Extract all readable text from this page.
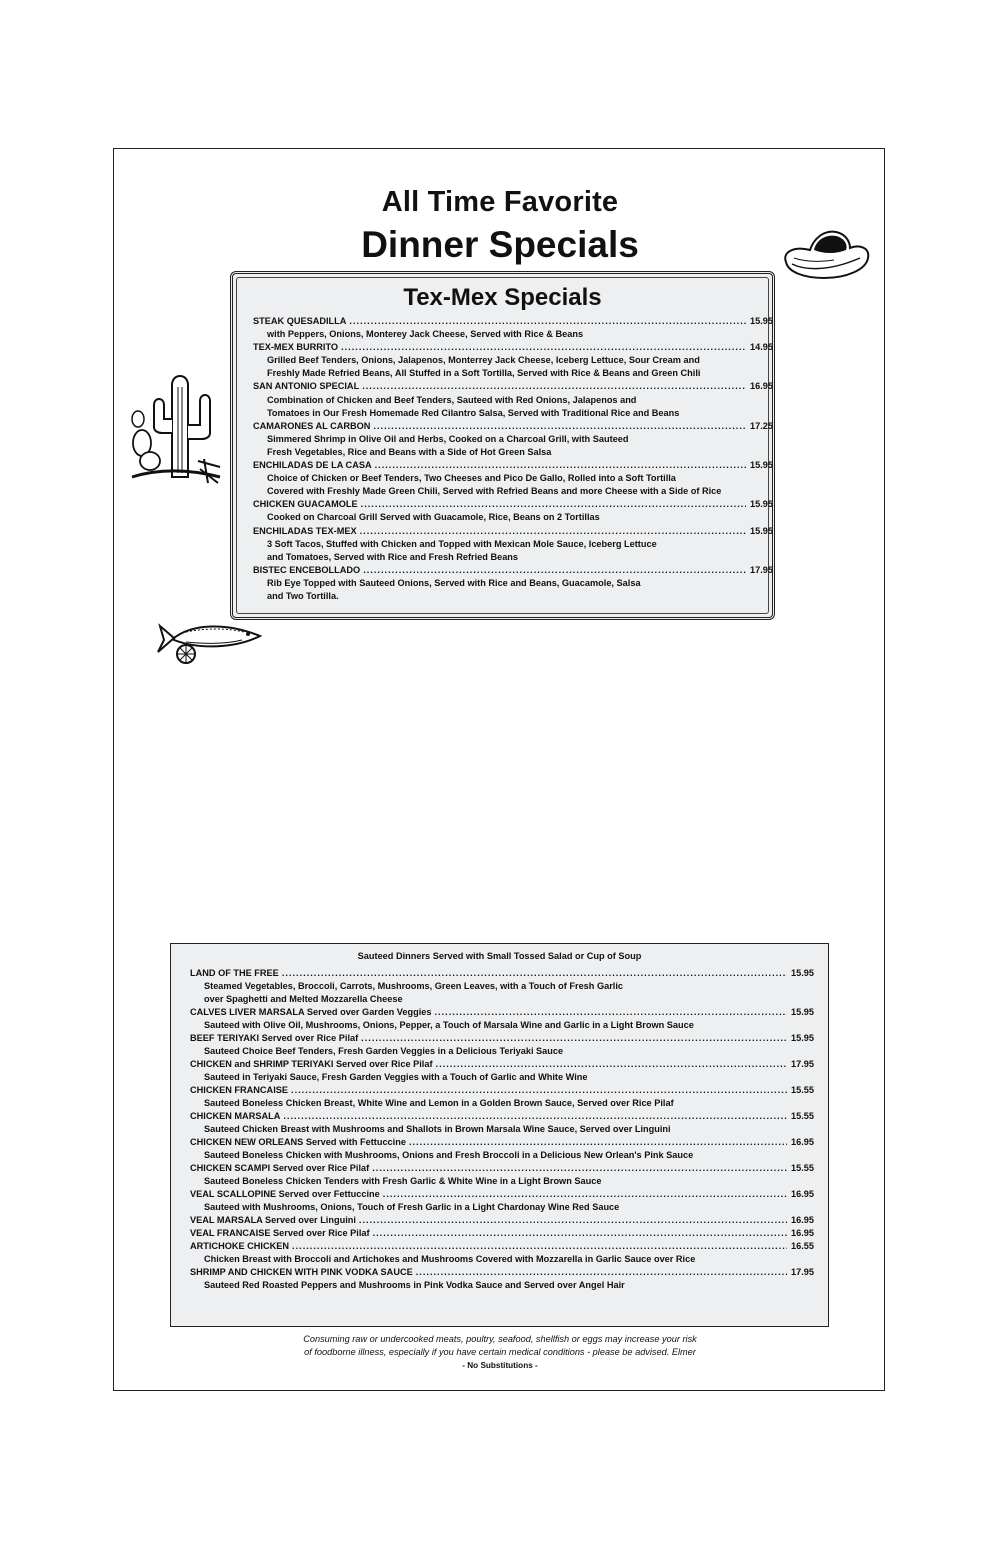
All Time Favorite
Dinner Specials
Tex-Mex Specials
STEAK QUESADILLA .....	15.95
with Peppers, Onions, Monterey Jack Cheese, Served with Rice & Beans
TEX-MEX BURRITO .....	14.95
Grilled Beef Tenders, Onions, Jalapenos, Monterrey Jack Cheese, Iceberg Lettuce, Sour Cream and
Freshly Made Refried Beans, All Stuffed in a Soft Tortilla, Served with Rice & Beans and Green Chili
SAN ANTONIO SPECIAL .....	16.95
Combination of Chicken and Beef Tenders, Sauteed with Red Onions, Jalapenos and
Tomatoes in Our Fresh Homemade Red Cilantro Salsa, Served with Traditional Rice and Beans
CAMARONES AL CARBON .....	17.25
Simmered Shrimp in Olive Oil and Herbs, Cooked on a Charcoal Grill, with Sauteed
Fresh Vegetables, Rice and Beans with a Side of Hot Green Salsa
ENCHILADAS DE LA CASA .....	15.95
Choice of Chicken or Beef Tenders, Two Cheeses and Pico De Gallo, Rolled into a Soft Tortilla
Covered with Freshly Made Green Chili, Served with Refried Beans and more Cheese with a Side of Rice
CHICKEN GUACAMOLE .....	15.95
Cooked on Charcoal Grill Served with Guacamole, Rice, Beans on 2 Tortillas
ENCHILADAS TEX-MEX .....	15.95
3 Soft Tacos, Stuffed with Chicken and Topped with Mexican Mole Sauce, Iceberg Lettuce
and Tomatoes, Served with Rice and Fresh Refried Beans
BISTEC ENCEBOLLADO .....	17.95
Rib Eye Topped with Sauteed Onions, Served with Rice and Beans, Guacamole, Salsa
and Two Tortilla.
Sauteed Dinners Served with Small Tossed Salad or Cup of Soup
LAND OF THE FREE .....	15.95
Steamed Vegetables, Broccoli, Carrots, Mushrooms, Green Leaves, with a Touch of Fresh Garlic
over Spaghetti and Melted Mozzarella Cheese
CALVES LIVER MARSALA Served over Garden Veggies .....	15.95
Sauteed with Olive Oil, Mushrooms, Onions, Pepper, a Touch of Marsala Wine and Garlic in a Light Brown Sauce
BEEF TERIYAKI Served over Rice Pilaf .....	15.95
Sauteed Choice Beef Tenders, Fresh Garden Veggies in a Delicious Teriyaki Sauce
CHICKEN and SHRIMP TERIYAKI Served over Rice Pilaf .....	17.95
Sauteed in Teriyaki Sauce, Fresh Garden Veggies with a Touch of Garlic and White Wine
CHICKEN FRANCAISE .....	15.55
Sauteed Boneless Chicken Breast, White Wine and Lemon in a Golden Brown Sauce, Served over Rice Pilaf
CHICKEN MARSALA .....	15.55
Sauteed Chicken Breast with Mushrooms and Shallots in Brown Marsala Wine Sauce, Served over Linguini
CHICKEN NEW ORLEANS Served with Fettuccine .....	16.95
Sauteed Boneless Chicken with Mushrooms, Onions and Fresh Broccoli in a Delicious New Orlean's Pink Sauce
CHICKEN SCAMPI Served over Rice Pilaf .....	15.55
Sauteed Boneless Chicken Tenders with Fresh Garlic & White Wine in a Light Brown Sauce
VEAL SCALLOPINE Served over Fettuccine .....	16.95
Sauteed with Mushrooms, Onions, Touch of Fresh Garlic in a Light Chardonay Wine Red Sauce
VEAL MARSALA Served over Linguini .....	16.95
VEAL FRANCAISE Served over Rice Pilaf .....	16.95
ARTICHOKE CHICKEN .....	16.55
Chicken Breast with Broccoli and Artichokes and Mushrooms Covered with Mozzarella in Garlic Sauce over Rice
SHRIMP AND CHICKEN WITH PINK VODKA SAUCE .....	17.95
Sauteed Red Roasted Peppers and Mushrooms in Pink Vodka Sauce and Served over Angel Hair
Consuming raw or undercooked meats, poultry, seafood, shellfish or eggs may increase your risk
of foodborne illness, especially if you have certain medical conditions - please be advised. Elmer
- No Substitutions -
